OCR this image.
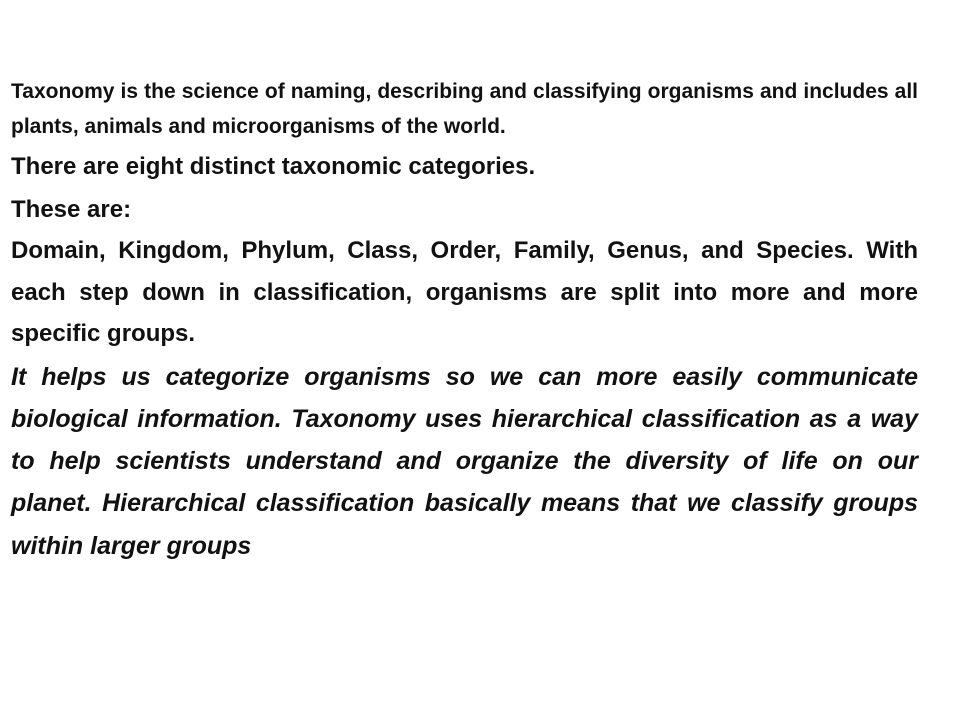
Taxonomy is the science of naming, describing and classifying organisms and includes all plants, animals and microorganisms of the world.

There are eight distinct taxonomic categories.

These are:

Domain, Kingdom, Phylum, Class, Order, Family, Genus, and Species. With each step down in classification, organisms are split into more and more specific groups.

It helps us categorize organisms so we can more easily communicate biological information. Taxonomy uses hierarchical classification as a way to help scientists understand and organize the diversity of life on our planet. Hierarchical classification basically means that we classify groups within larger groups
